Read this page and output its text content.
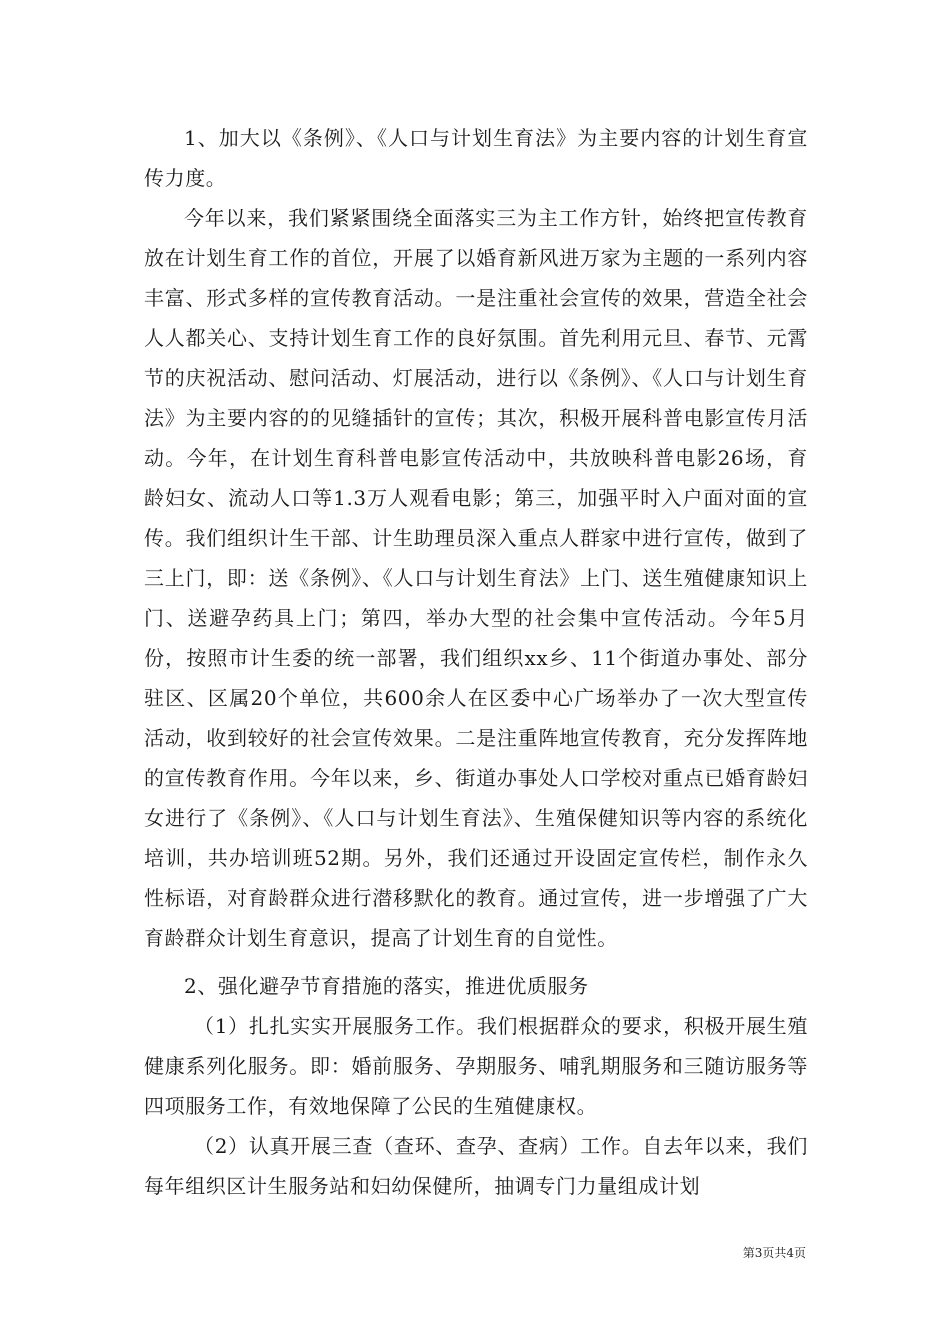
1、加大以《条例》、《人口与计划生育法》为主要内容的计划生育宣传力度。

今年以来，我们紧紧围绕全面落实三为主工作方针，始终把宣传教育放在计划生育工作的首位，开展了以婚育新风进万家为主题的一系列内容丰富、形式多样的宣传教育活动。一是注重社会宣传的效果，营造全社会人人都关心、支持计划生育工作的良好氛围。首先利用元旦、春节、元霄节的庆祝活动、慰问活动、灯展活动，进行以《条例》、《人口与计划生育法》为主要内容的的见缝插针的宣传；其次，积极开展科普电影宣传月活动。今年，在计划生育科普电影宣传活动中，共放映科普电影26场，育龄妇女、流动人口等1.3万人观看电影；第三，加强平时入户面对面的宣传。我们组织计生干部、计生助理员深入重点人群家中进行宣传，做到了三上门，即：送《条例》、《人口与计划生育法》上门、送生殖健康知识上门、送避孕药具上门；第四，举办大型的社会集中宣传活动。今年5月份，按照市计生委的统一部署，我们组织xx乡、11个街道办事处、部分驻区、区属20个单位，共600余人在区委中心广场举办了一次大型宣传活动，收到较好的社会宣传效果。二是注重阵地宣传教育，充分发挥阵地的宣传教育作用。今年以来，乡、街道办事处人口学校对重点已婚育龄妇女进行了《条例》、《人口与计划生育法》、生殖保健知识等内容的系统化培训，共办培训班52期。另外，我们还通过开设固定宣传栏，制作永久性标语，对育龄群众进行潜移默化的教育。通过宣传，进一步增强了广大育龄群众计划生育意识，提高了计划生育的自觉性。

2、强化避孕节育措施的落实，推进优质服务

（1）扎扎实实开展服务工作。我们根据群众的要求，积极开展生殖健康系列化服务。即：婚前服务、孕期服务、哺乳期服务和三随访服务等四项服务工作，有效地保障了公民的生殖健康权。

（2）认真开展三查（查环、查孕、查病）工作。自去年以来，我们每年组织区计生服务站和妇幼保健所，抽调专门力量组成计划

第3页共4页
